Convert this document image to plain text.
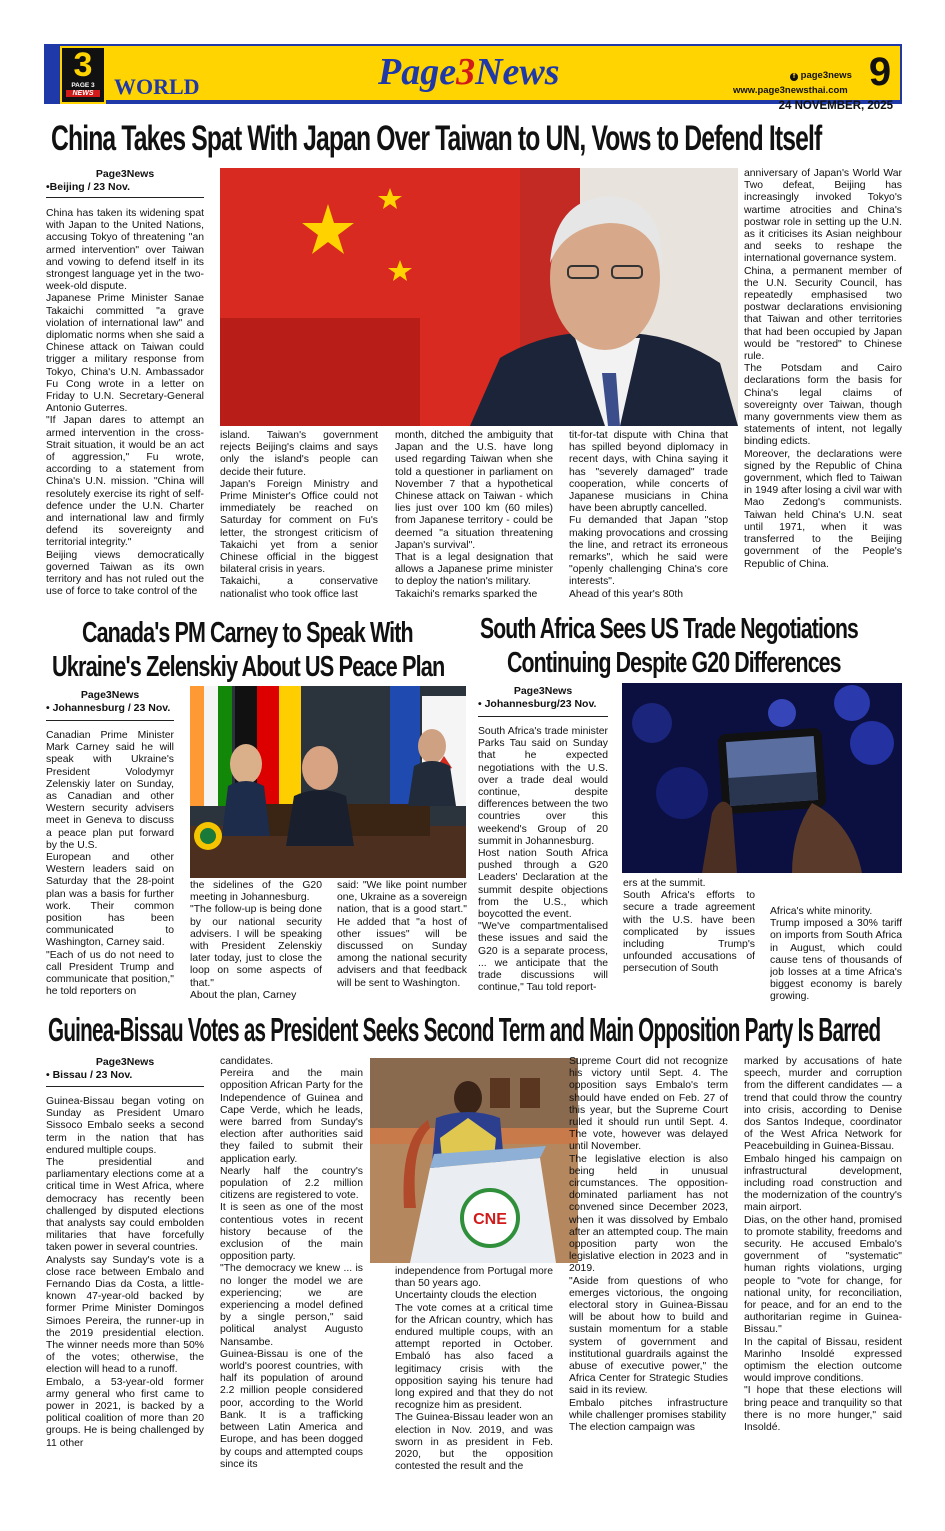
3
PAGE 3
NEWS WORLD	Page3News	f page3news
www.page3newsthai.com 9
24 NOVEMBER, 2025
China Takes Spat With Japan Over Taiwan to UN, Vows to Defend Itself
Page3News
•Beijing / 23 Nov.
China has taken its widening spat with Japan to the United Nations, accusing Tokyo of threatening "an armed intervention" over Taiwan and vowing to defend itself in its strongest language yet in the two-week-old dispute.
Japanese Prime Minister Sanae Takaichi committed "a grave violation of international law" and diplomatic norms when she said a Chinese attack on Taiwan could trigger a military response from Tokyo, China's U.N. Ambassador Fu Cong wrote in a letter on Friday to U.N. Secretary-General Antonio Guterres.
"If Japan dares to attempt an armed intervention in the cross-Strait situation, it would be an act of aggression," Fu wrote, according to a statement from China's U.N. mission. "China will resolutely exercise its right of self-defence under the U.N. Charter and international law and firmly defend its sovereignty and territorial integrity."
Beijing views democratically governed Taiwan as its own territory and has not ruled out the use of force to take control of the
island. Taiwan's government rejects Beijing's claims and says only the island's people can decide their future.
Japan's Foreign Ministry and Prime Minister's Office could not immediately be reached on Saturday for comment on Fu's letter, the strongest criticism of Takaichi yet from a senior Chinese official in the biggest bilateral crisis in years.
Takaichi, a conservative nationalist who took office last
month, ditched the ambiguity that Japan and the U.S. have long used regarding Taiwan when she told a questioner in parliament on November 7 that a hypothetical Chinese attack on Taiwan - which lies just over 100 km (60 miles) from Japanese territory - could be deemed "a situation threatening Japan's survival".
That is a legal designation that allows a Japanese prime minister to deploy the nation's military.
Takaichi's remarks sparked the
tit-for-tat dispute with China that has spilled beyond diplomacy in recent days, with China saying it has "severely damaged" trade cooperation, while concerts of Japanese musicians in China have been abruptly cancelled.
Fu demanded that Japan "stop making provocations and crossing the line, and retract its erroneous remarks", which he said were "openly challenging China's core interests".
Ahead of this year's 80th
anniversary of Japan's World War Two defeat, Beijing has increasingly invoked Tokyo's wartime atrocities and China's postwar role in setting up the U.N. as it criticises its Asian neighbour and seeks to reshape the international governance system.
China, a permanent member of the U.N. Security Council, has repeatedly emphasised two postwar declarations envisioning that Taiwan and other territories that had been occupied by Japan would be "restored" to Chinese rule.
The Potsdam and Cairo declarations form the basis for China's legal claims of sovereignty over Taiwan, though many governments view them as statements of intent, not legally binding edicts.
Moreover, the declarations were signed by the Republic of China government, which fled to Taiwan in 1949 after losing a civil war with Mao Zedong's communists. Taiwan held China's U.N. seat until 1971, when it was transferred to the Beijing government of the People's Republic of China.
Canada's PM Carney to Speak With
Ukraine's Zelenskiy About US Peace Plan
Page3News
• Johannesburg / 23 Nov.
Canadian Prime Minister Mark Carney said he will speak with Ukraine's President Volodymyr Zelenskiy later on Sunday, as Canadian and other Western security advisers meet in Geneva to discuss a peace plan put forward by the U.S.
European and other Western leaders said on Saturday that the 28-point plan was a basis for further work. Their common position has been communicated to Washington, Carney said.
"Each of us do not need to call President Trump and communicate that position," he told reporters on
the sidelines of the G20 meeting in Johannesburg.
"The follow-up is being done by our national security advisers. I will be speaking with President Zelenskiy later today, just to close the loop on some aspects of that."
About the plan, Carney
said: "We like point number one, Ukraine as a sovereign nation, that is a good start." He added that "a host of other issues" will be discussed on Sunday among the national security advisers and that feedback will be sent to Washington.
South Africa Sees US Trade Negotiations
Continuing Despite G20 Differences
Page3News
• Johannesburg/23 Nov.
South Africa's trade minister Parks Tau said on Sunday that he expected negotiations with the U.S. over a trade deal would continue, despite differences between the two countries over this weekend's Group of 20 summit in Johannesburg.
Host nation South Africa pushed through a G20 Leaders' Declaration at the summit despite objections from the U.S., which boycotted the event.
"We've compartmentalised these issues and said the G20 is a separate process, ... we anticipate that the trade discussions will continue," Tau told report-
ers at the summit.
South Africa's efforts to secure a trade agreement with the U.S. have been complicated by issues including Trump's unfounded accusations of persecution of South
Africa's white minority.
Trump imposed a 30% tariff on imports from South Africa in August, which could cause tens of thousands of job losses at a time Africa's biggest economy is barely growing.
Guinea-Bissau Votes as President Seeks Second Term and Main Opposition Party Is Barred
Page3News
• Bissau / 23 Nov.
Guinea-Bissau began voting on Sunday as President Umaro Sissoco Embalo seeks a second term in the nation that has endured multiple coups.
The presidential and parliamentary elections come at a critical time in West Africa, where democracy has recently been challenged by disputed elections that analysts say could embolden militaries that have forcefully taken power in several countries.
Analysts say Sunday's vote is a close race between Embalo and Fernando Dias da Costa, a little-known 47-year-old backed by former Prime Minister Domingos Simoes Pereira, the runner-up in the 2019 presidential election. The winner needs more than 50% of the votes; otherwise, the election will head to a runoff.
Embalo, a 53-year-old former army general who first came to power in 2021, is backed by a political coalition of more than 20 groups. He is being challenged by 11 other
candidates.
Pereira and the main opposition African Party for the Independence of Guinea and Cape Verde, which he leads, were barred from Sunday's election after authorities said they failed to submit their application early.
Nearly half the country's population of 2.2 million citizens are registered to vote.
It is seen as one of the most contentious votes in recent history because of the exclusion of the main opposition party.
"The democracy we knew ... is no longer the model we are experiencing; we are experiencing a model defined by a single person," said political analyst Augusto Nansambe.
Guinea-Bissau is one of the world's poorest countries, with half its population of around 2.2 million people considered poor, according to the World Bank. It is a trafficking between Latin America and Europe, and has been dogged by coups and attempted coups since its
CNE
independence from Portugal more than 50 years ago.
Uncertainty clouds the election
The vote comes at a critical time for the African country, which has endured multiple coups, with an attempt reported in October. Embaló has also faced a legitimacy crisis with the opposition saying his tenure had long expired and that they do not recognize him as president.
The Guinea-Bissau leader won an election in Nov. 2019, and was sworn in as president in Feb. 2020, but the opposition contested the result and the
Supreme Court did not recognize his victory until Sept. 4. The opposition says Embalo's term should have ended on Feb. 27 of this year, but the Supreme Court ruled it should run until Sept. 4. The vote, however was delayed until November.
The legislative election is also being held in unusual circumstances. The opposition-dominated parliament has not convened since December 2023, when it was dissolved by Embalo after an attempted coup. The main opposition party won the legislative election in 2023 and in 2019.
"Aside from questions of who emerges victorious, the ongoing electoral story in Guinea-Bissau will be about how to build and sustain momentum for a stable system of government and institutional guardrails against the abuse of executive power," the Africa Center for Strategic Studies said in its review.
Embalo pitches infrastructure while challenger promises stability
The election campaign was
marked by accusations of hate speech, murder and corruption from the different candidates — a trend that could throw the country into crisis, according to Denise dos Santos Indeque, coordinator of the West Africa Network for Peacebuilding in Guinea-Bissau.
Embalo hinged his campaign on infrastructural development, including road construction and the modernization of the country's main airport.
Dias, on the other hand, promised to promote stability, freedoms and security. He accused Embalo's government of "systematic" human rights violations, urging people to "vote for change, for national unity, for reconciliation, for peace, and for an end to the authoritarian regime in Guinea-Bissau."
In the capital of Bissau, resident Marinho Insoldé expressed optimism the election outcome would improve conditions.
"I hope that these elections will bring peace and tranquility so that there is no more hunger," said Insoldé.
